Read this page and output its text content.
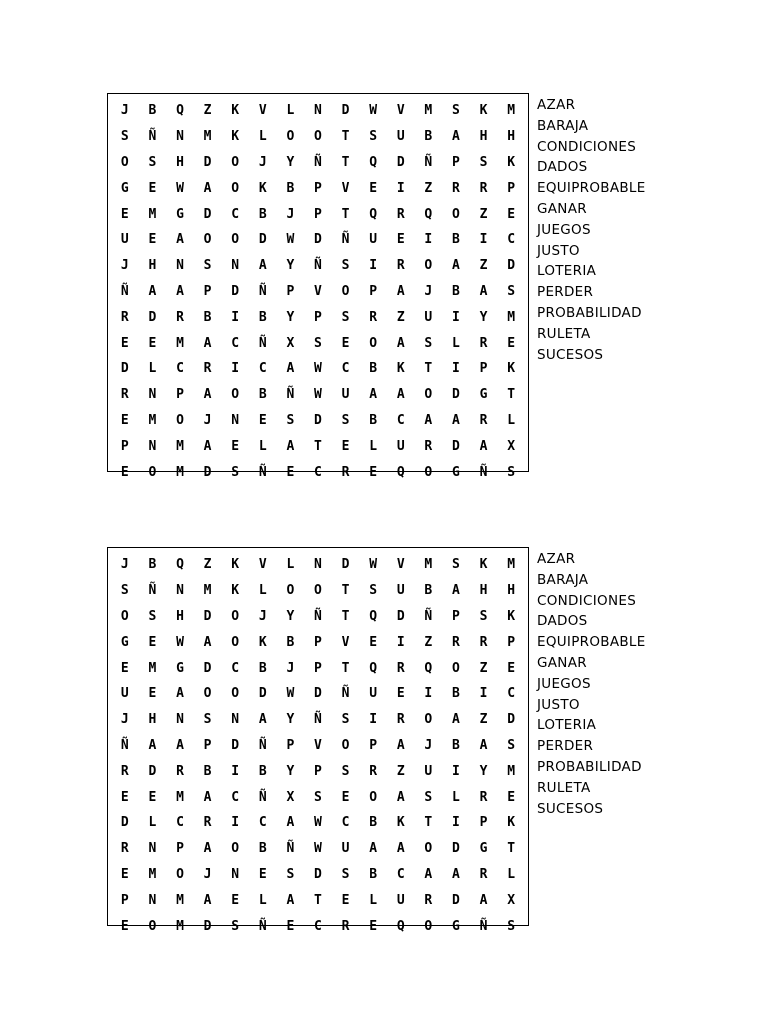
J	B	Q	Z	K	V	L	N	D	W	V	M	S	K	M
S	Ñ	N	M	K	L	O	O	T	S	U	B	A	H	H
O	S	H	D	O	J	Y	Ñ	T	Q	D	Ñ	P	S	K
G	E	W	A	O	K	B	P	V	E	I	Z	R	R	P
E	M	G	D	C	B	J	P	T	Q	R	Q	O	Z	E
U	E	A	O	O	D	W	D	Ñ	U	E	I	B	I	C
J	H	N	S	N	A	Y	Ñ	S	I	R	O	A	Z	D
Ñ	A	A	P	D	Ñ	P	V	O	P	A	J	B	A	S
R	D	R	B	I	B	Y	P	S	R	Z	U	I	Y	M
E	E	M	A	C	Ñ	X	S	E	O	A	S	L	R	E
D	L	C	R	I	C	A	W	C	B	K	T	I	P	K
R	N	P	A	O	B	Ñ	W	U	A	A	O	D	G	T
E	M	O	J	N	E	S	D	S	B	C	A	A	R	L
P	N	M	A	E	L	A	T	E	L	U	R	D	A	X
E	O	M	D	S	Ñ	E	C	R	E	Q	O	G	Ñ	S
AZAR
BARAJA
CONDICIONES
DADOS
EQUIPROBABLE
GANAR
JUEGOS
JUSTO
LOTERIA
PERDER
PROBABILIDAD
RULETA
SUCESOS
J	B	Q	Z	K	V	L	N	D	W	V	M	S	K	M
S	Ñ	N	M	K	L	O	O	T	S	U	B	A	H	H
O	S	H	D	O	J	Y	Ñ	T	Q	D	Ñ	P	S	K
G	E	W	A	O	K	B	P	V	E	I	Z	R	R	P
E	M	G	D	C	B	J	P	T	Q	R	Q	O	Z	E
U	E	A	O	O	D	W	D	Ñ	U	E	I	B	I	C
J	H	N	S	N	A	Y	Ñ	S	I	R	O	A	Z	D
Ñ	A	A	P	D	Ñ	P	V	O	P	A	J	B	A	S
R	D	R	B	I	B	Y	P	S	R	Z	U	I	Y	M
E	E	M	A	C	Ñ	X	S	E	O	A	S	L	R	E
D	L	C	R	I	C	A	W	C	B	K	T	I	P	K
R	N	P	A	O	B	Ñ	W	U	A	A	O	D	G	T
E	M	O	J	N	E	S	D	S	B	C	A	A	R	L
P	N	M	A	E	L	A	T	E	L	U	R	D	A	X
E	O	M	D	S	Ñ	E	C	R	E	Q	O	G	Ñ	S
AZAR
BARAJA
CONDICIONES
DADOS
EQUIPROBABLE
GANAR
JUEGOS
JUSTO
LOTERIA
PERDER
PROBABILIDAD
RULETA
SUCESOS
